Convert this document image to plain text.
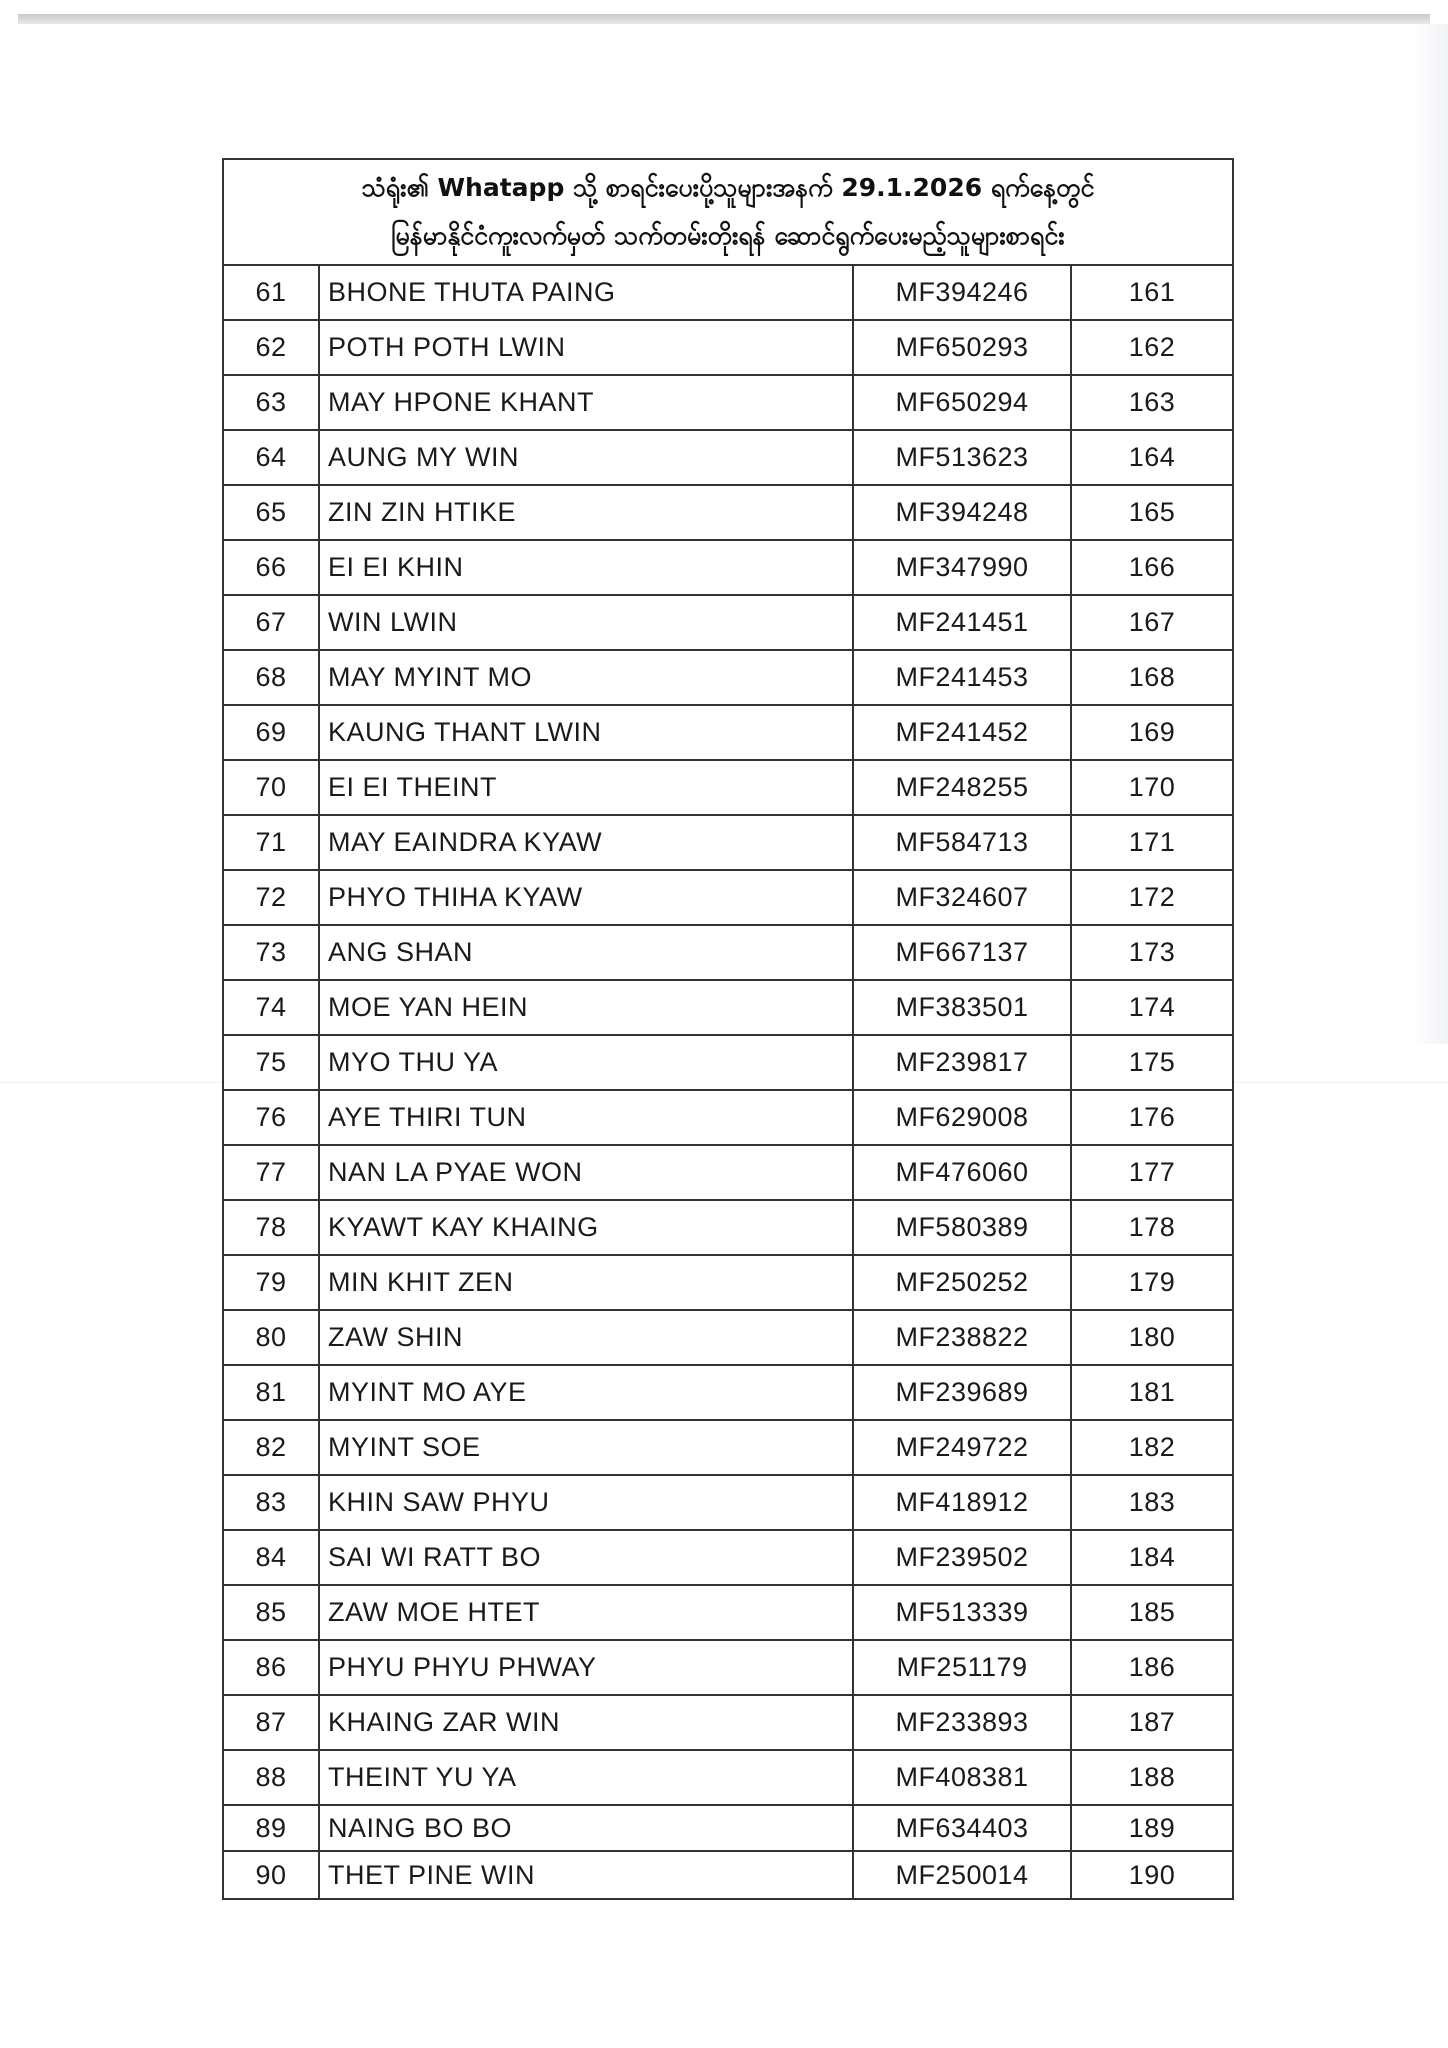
သံရုံး၏ Whatapp သို့ စာရင်းပေးပို့သူများအနက် 29.1.2026 ရက်နေ့တွင်
မြန်မာနိုင်ငံကူးလက်မှတ် သက်တမ်းတိုးရန် ဆောင်ရွက်ပေးမည့်သူများစာရင်း
61	BHONE THUTA PAING	MF394246	161
62	POTH POTH LWIN	MF650293	162
63	MAY HPONE KHANT	MF650294	163
64	AUNG MY WIN	MF513623	164
65	ZIN ZIN HTIKE	MF394248	165
66	EI EI KHIN	MF347990	166
67	WIN LWIN	MF241451	167
68	MAY MYINT MO	MF241453	168
69	KAUNG THANT LWIN	MF241452	169
70	EI EI THEINT	MF248255	170
71	MAY EAINDRA KYAW	MF584713	171
72	PHYO THIHA KYAW	MF324607	172
73	ANG SHAN	MF667137	173
74	MOE YAN HEIN	MF383501	174
75	MYO THU YA	MF239817	175
76	AYE THIRI TUN	MF629008	176
77	NAN LA PYAE WON	MF476060	177
78	KYAWT KAY KHAING	MF580389	178
79	MIN KHIT ZEN	MF250252	179
80	ZAW SHIN	MF238822	180
81	MYINT MO AYE	MF239689	181
82	MYINT SOE	MF249722	182
83	KHIN SAW PHYU	MF418912	183
84	SAI WI RATT BO	MF239502	184
85	ZAW MOE HTET	MF513339	185
86	PHYU PHYU PHWAY	MF251179	186
87	KHAING ZAR WIN	MF233893	187
88	THEINT YU YA	MF408381	188
89	NAING BO BO	MF634403	189
90	THET PINE WIN	MF250014	190
